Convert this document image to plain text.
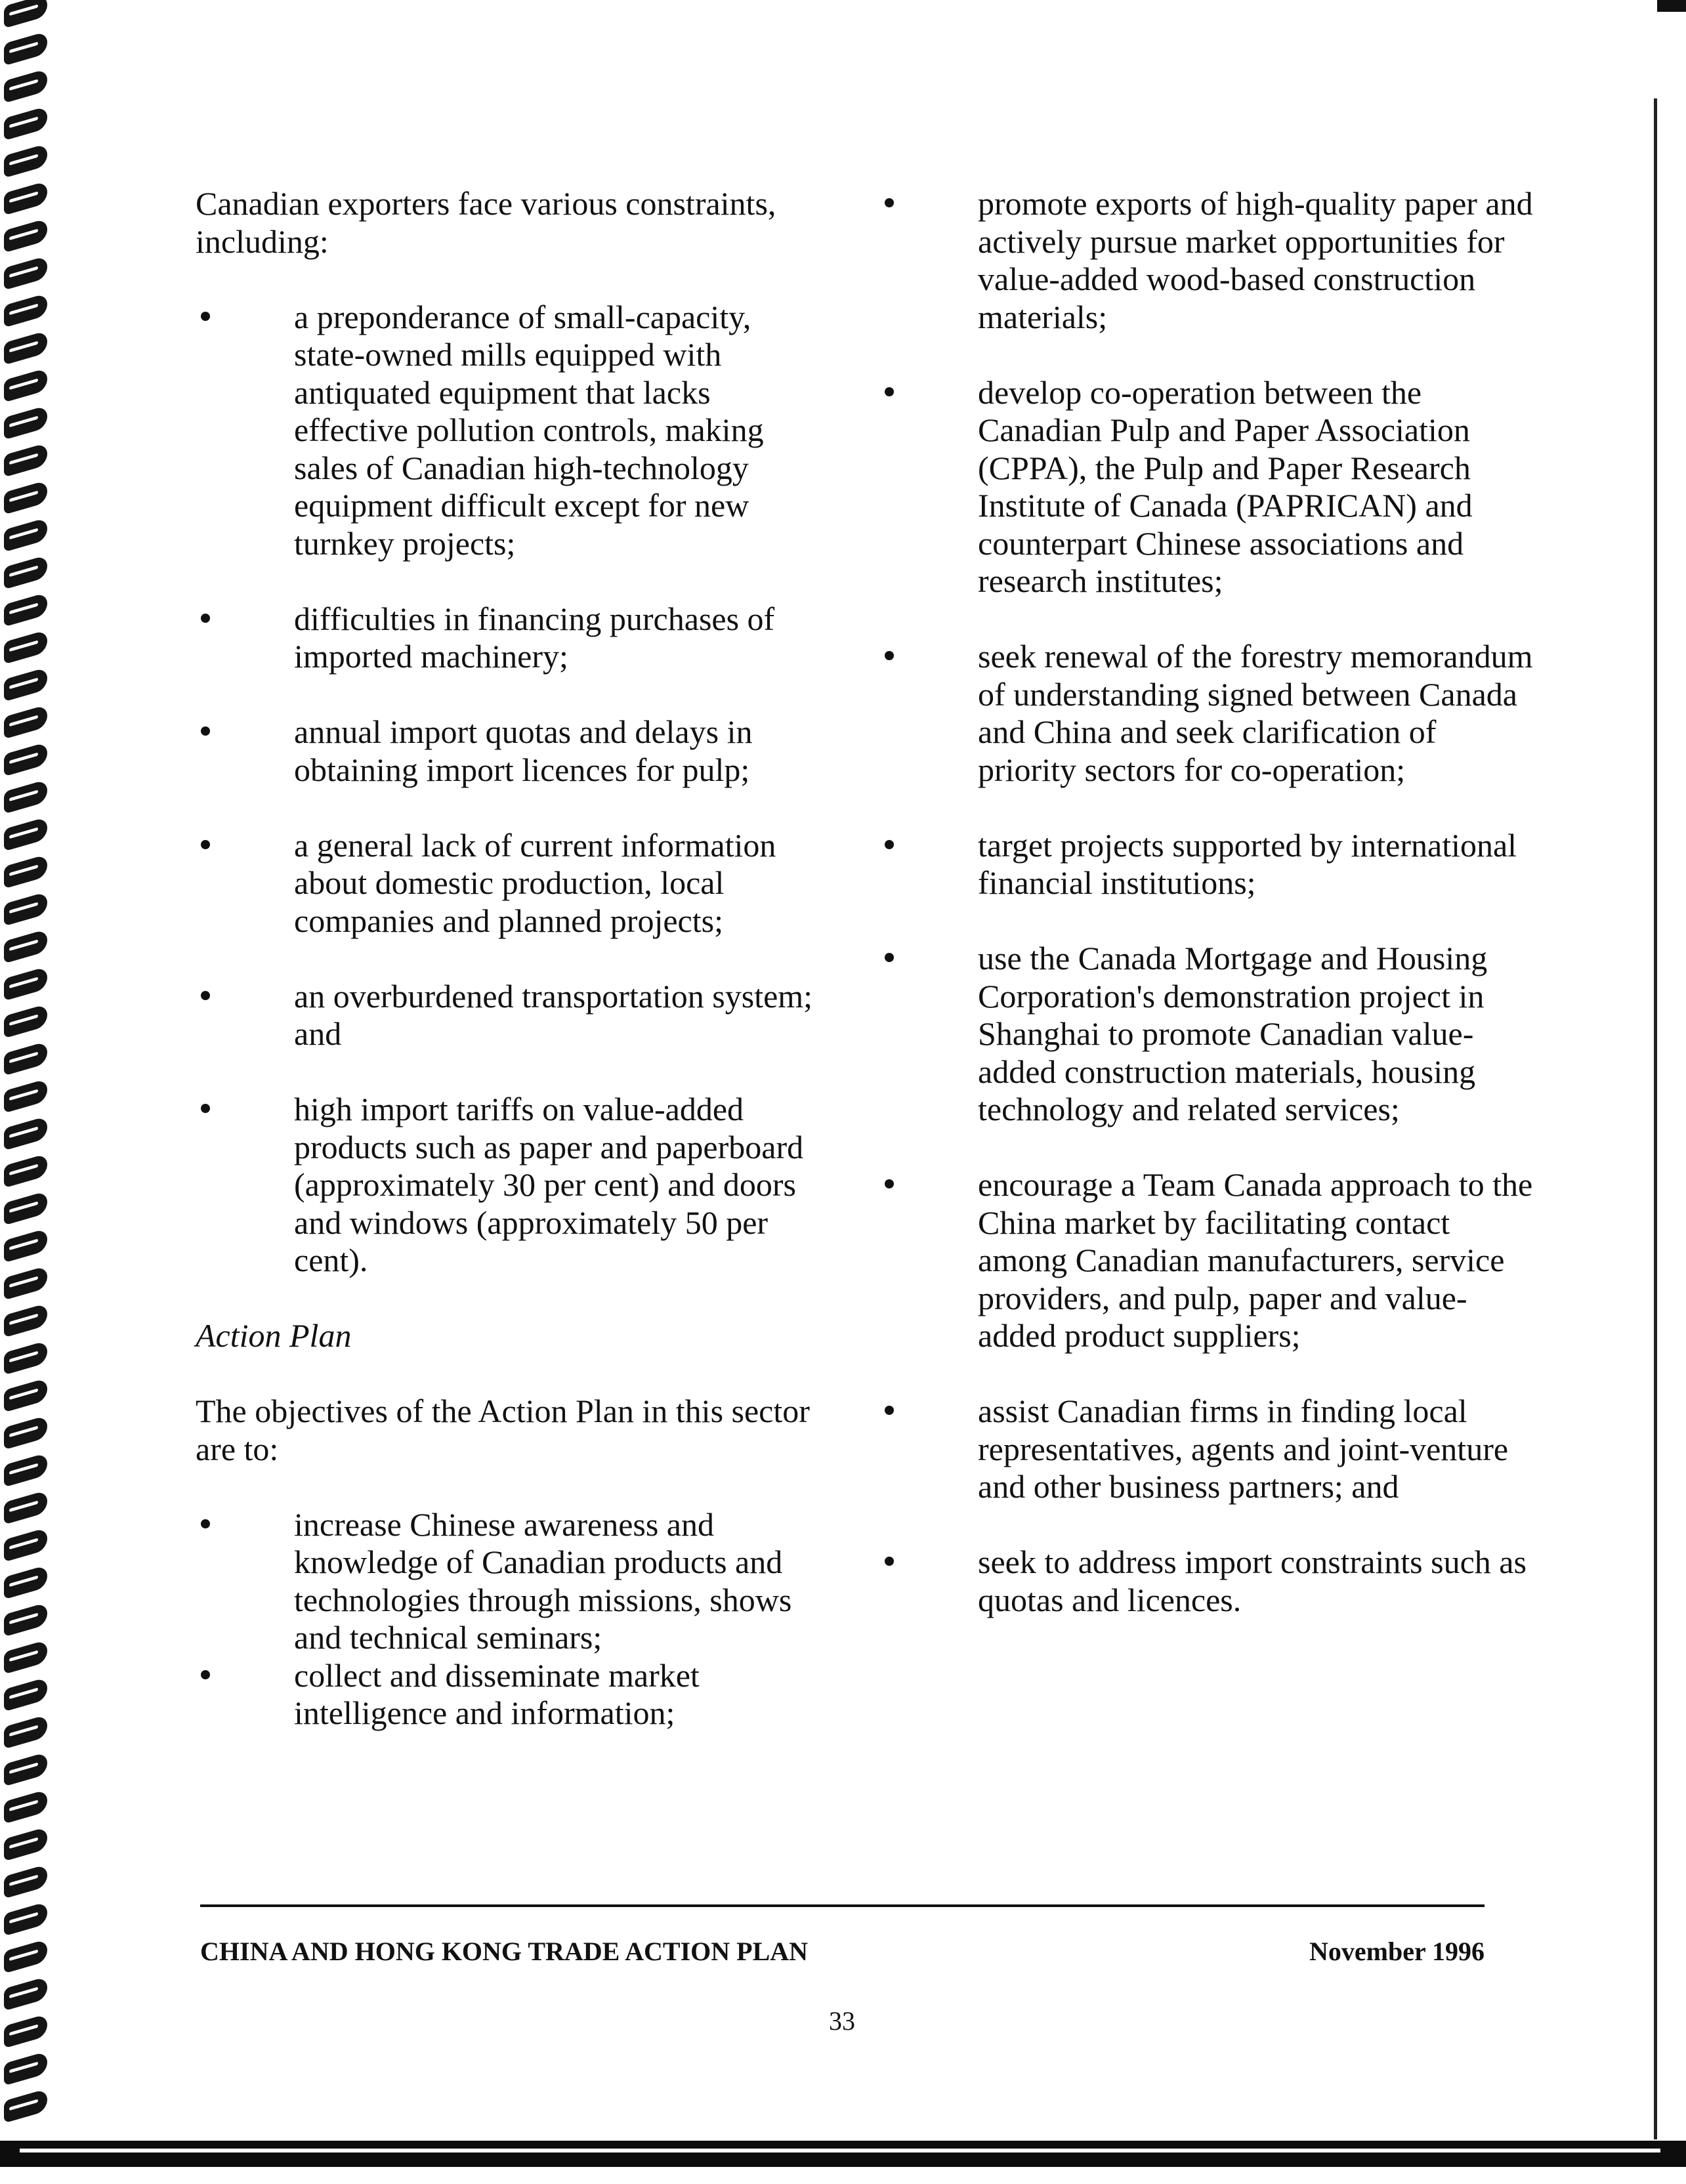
Canadian exporters face various constraints, including:

a preponderance of small-capacity, state-owned mills equipped with antiquated equipment that lacks effective pollution controls, making sales of Canadian high-technology equipment difficult except for new turnkey projects;
difficulties in financing purchases of imported machinery;
annual import quotas and delays in obtaining import licences for pulp;
a general lack of current information about domestic production, local companies and planned projects;
an overburdened transportation system; and
high import tariffs on value-added products such as paper and paperboard (approximately 30 per cent) and doors and windows (approximately 50 per cent).

Action Plan

The objectives of the Action Plan in this sector are to:

increase Chinese awareness and knowledge of Canadian products and technologies through missions, shows and technical seminars;
collect and disseminate market intelligence and information;
promote exports of high-quality paper and actively pursue market opportunities for value-added wood-based construction materials;
develop co-operation between the Canadian Pulp and Paper Association (CPPA), the Pulp and Paper Research Institute of Canada (PAPRICAN) and counterpart Chinese associations and research institutes;
seek renewal of the forestry memorandum of understanding signed between Canada and China and seek clarification of priority sectors for co-operation;
target projects supported by international financial institutions;
use the Canada Mortgage and Housing Corporation's demonstration project in Shanghai to promote Canadian value-added construction materials, housing technology and related services;
encourage a Team Canada approach to the China market by facilitating contact among Canadian manufacturers, service providers, and pulp, paper and value-added product suppliers;
assist Canadian firms in finding local representatives, agents and joint-venture and other business partners; and
seek to address import constraints such as quotas and licences.
CHINA AND HONG KONG TRADE ACTION PLAN	November 1996
33
